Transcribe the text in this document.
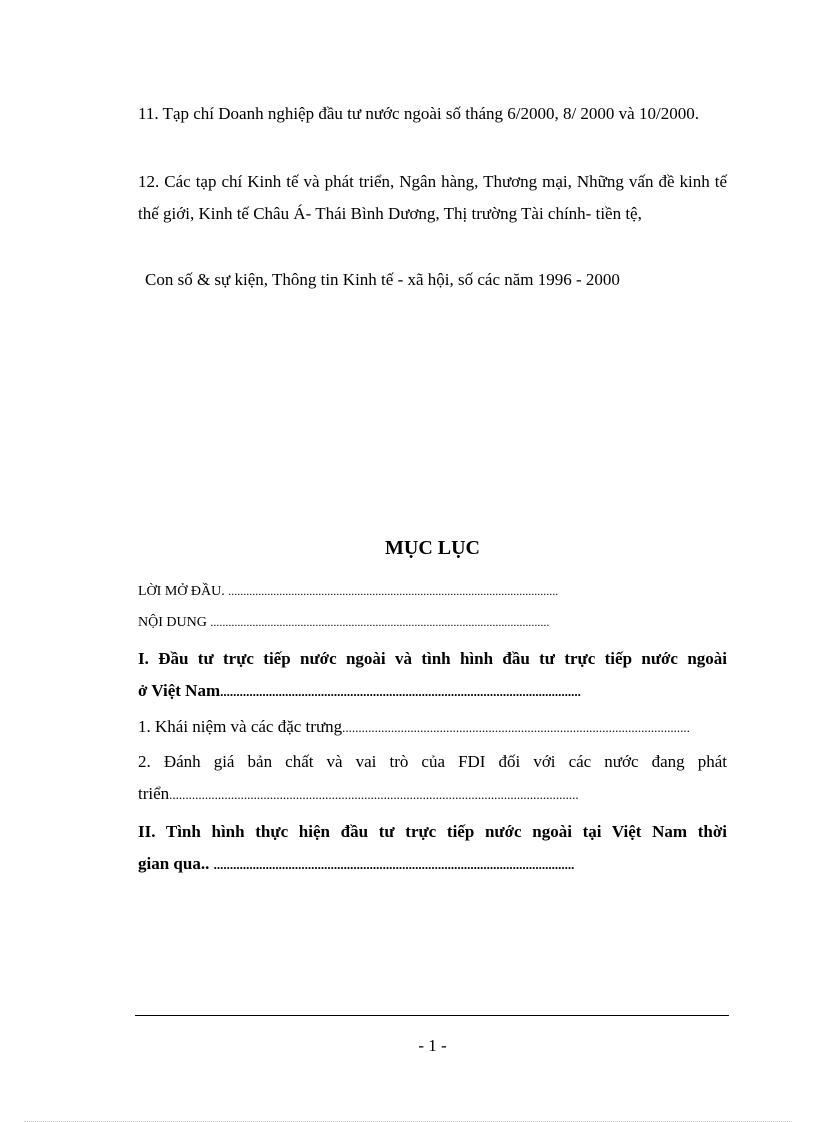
11. Tạp chí Doanh nghiệp đầu tư nước ngoài số tháng 6/2000, 8/ 2000 và 10/2000.
12. Các tạp chí Kinh tế và phát triển, Ngân hàng, Thương mại, Những vấn đề kinh tế thế giới, Kinh tế Châu Á- Thái Bình Dương, Thị trường Tài chính- tiền tệ,
Con số & sự kiện, Thông tin Kinh tế - xã hội, số các năm 1996 - 2000
MỤC LỤC
LỜI MỞ ĐẦU. ..............................................................................................................
NỘI DUNG .................................................................................................................
I. Đầu tư trực tiếp nước ngoài và tình hình đầu tư trực tiếp nước ngoài
ở Việt Nam...............................................................................................................
1. Khái niệm và các đặc trưng...........................................................................................................
2. Đánh giá bản chất và vai trò của FDI đối với các nước đang phát
triển..............................................................................................................................
II. Tình hình thực hiện đầu tư trực tiếp nước ngoài tại Việt Nam thời
gian qua.. ...............................................................................................................
- 1 -
